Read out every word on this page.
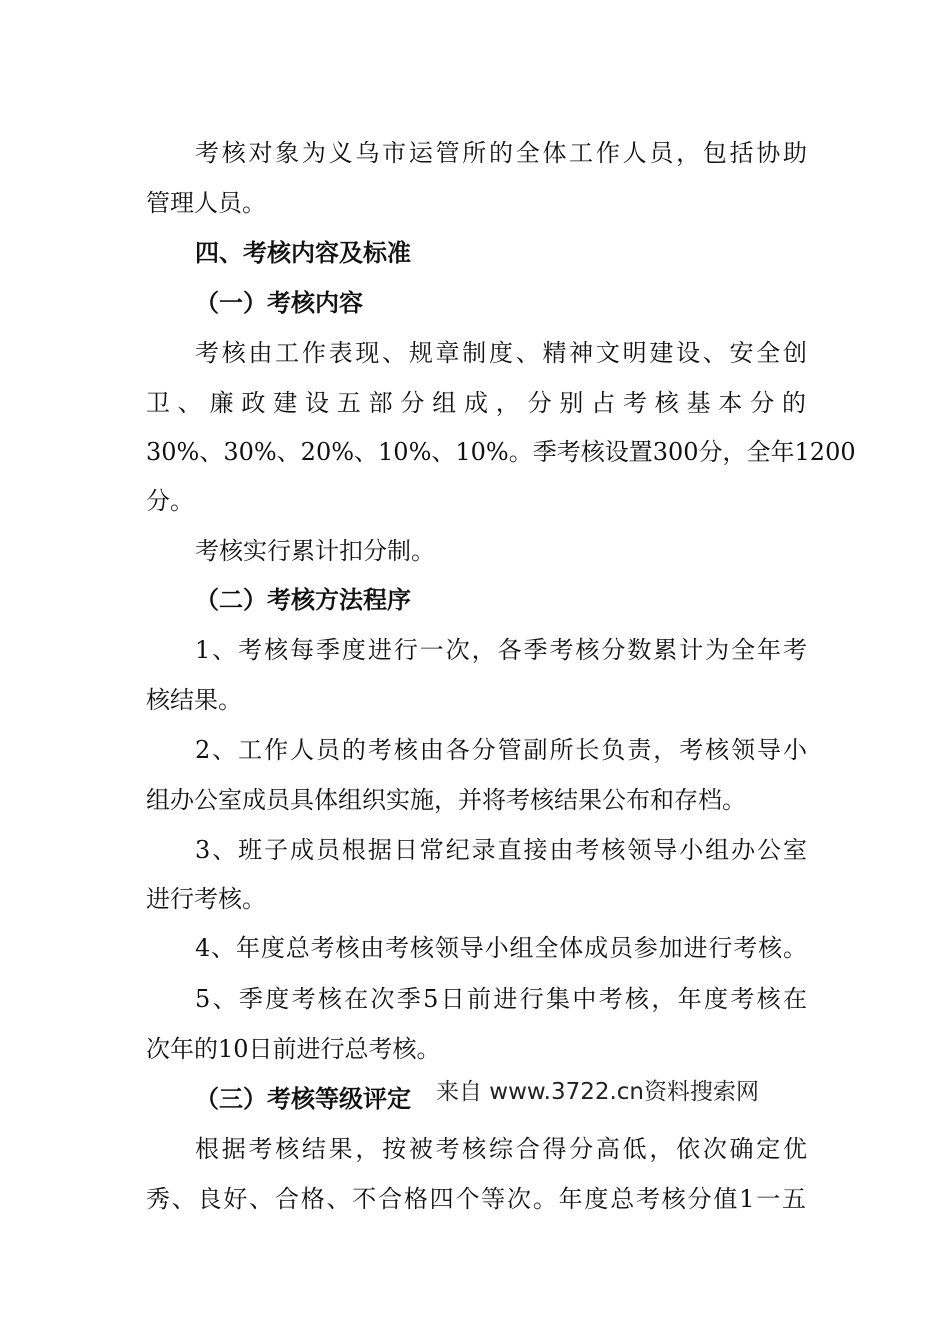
考核对象为义乌市运管所的全体工作人员，包括协助
管理人员。
四、考核内容及标准
（一）考核内容
考核由工作表现、规章制度、精神文明建设、安全创
卫、廉政建设五部分组成，分别占考核基本分的
30%、30%、20%、10%、10%。季考核设置300分，全年1200
分。
考核实行累计扣分制。
（二）考核方法程序
1、考核每季度进行一次，各季考核分数累计为全年考
核结果。
2、工作人员的考核由各分管副所长负责，考核领导小
组办公室成员具体组织实施，并将考核结果公布和存档。
3、班子成员根据日常纪录直接由考核领导小组办公室
进行考核。
4、年度总考核由考核领导小组全体成员参加进行考核。
5、季度考核在次季5日前进行集中考核，年度考核在
次年的10日前进行总考核。
（三）考核等级评定	来自 www.3722.cn资料搜索网
根据考核结果，按被考核综合得分高低，依次确定优
秀、良好、合格、不合格四个等次。年度总考核分值1一五
